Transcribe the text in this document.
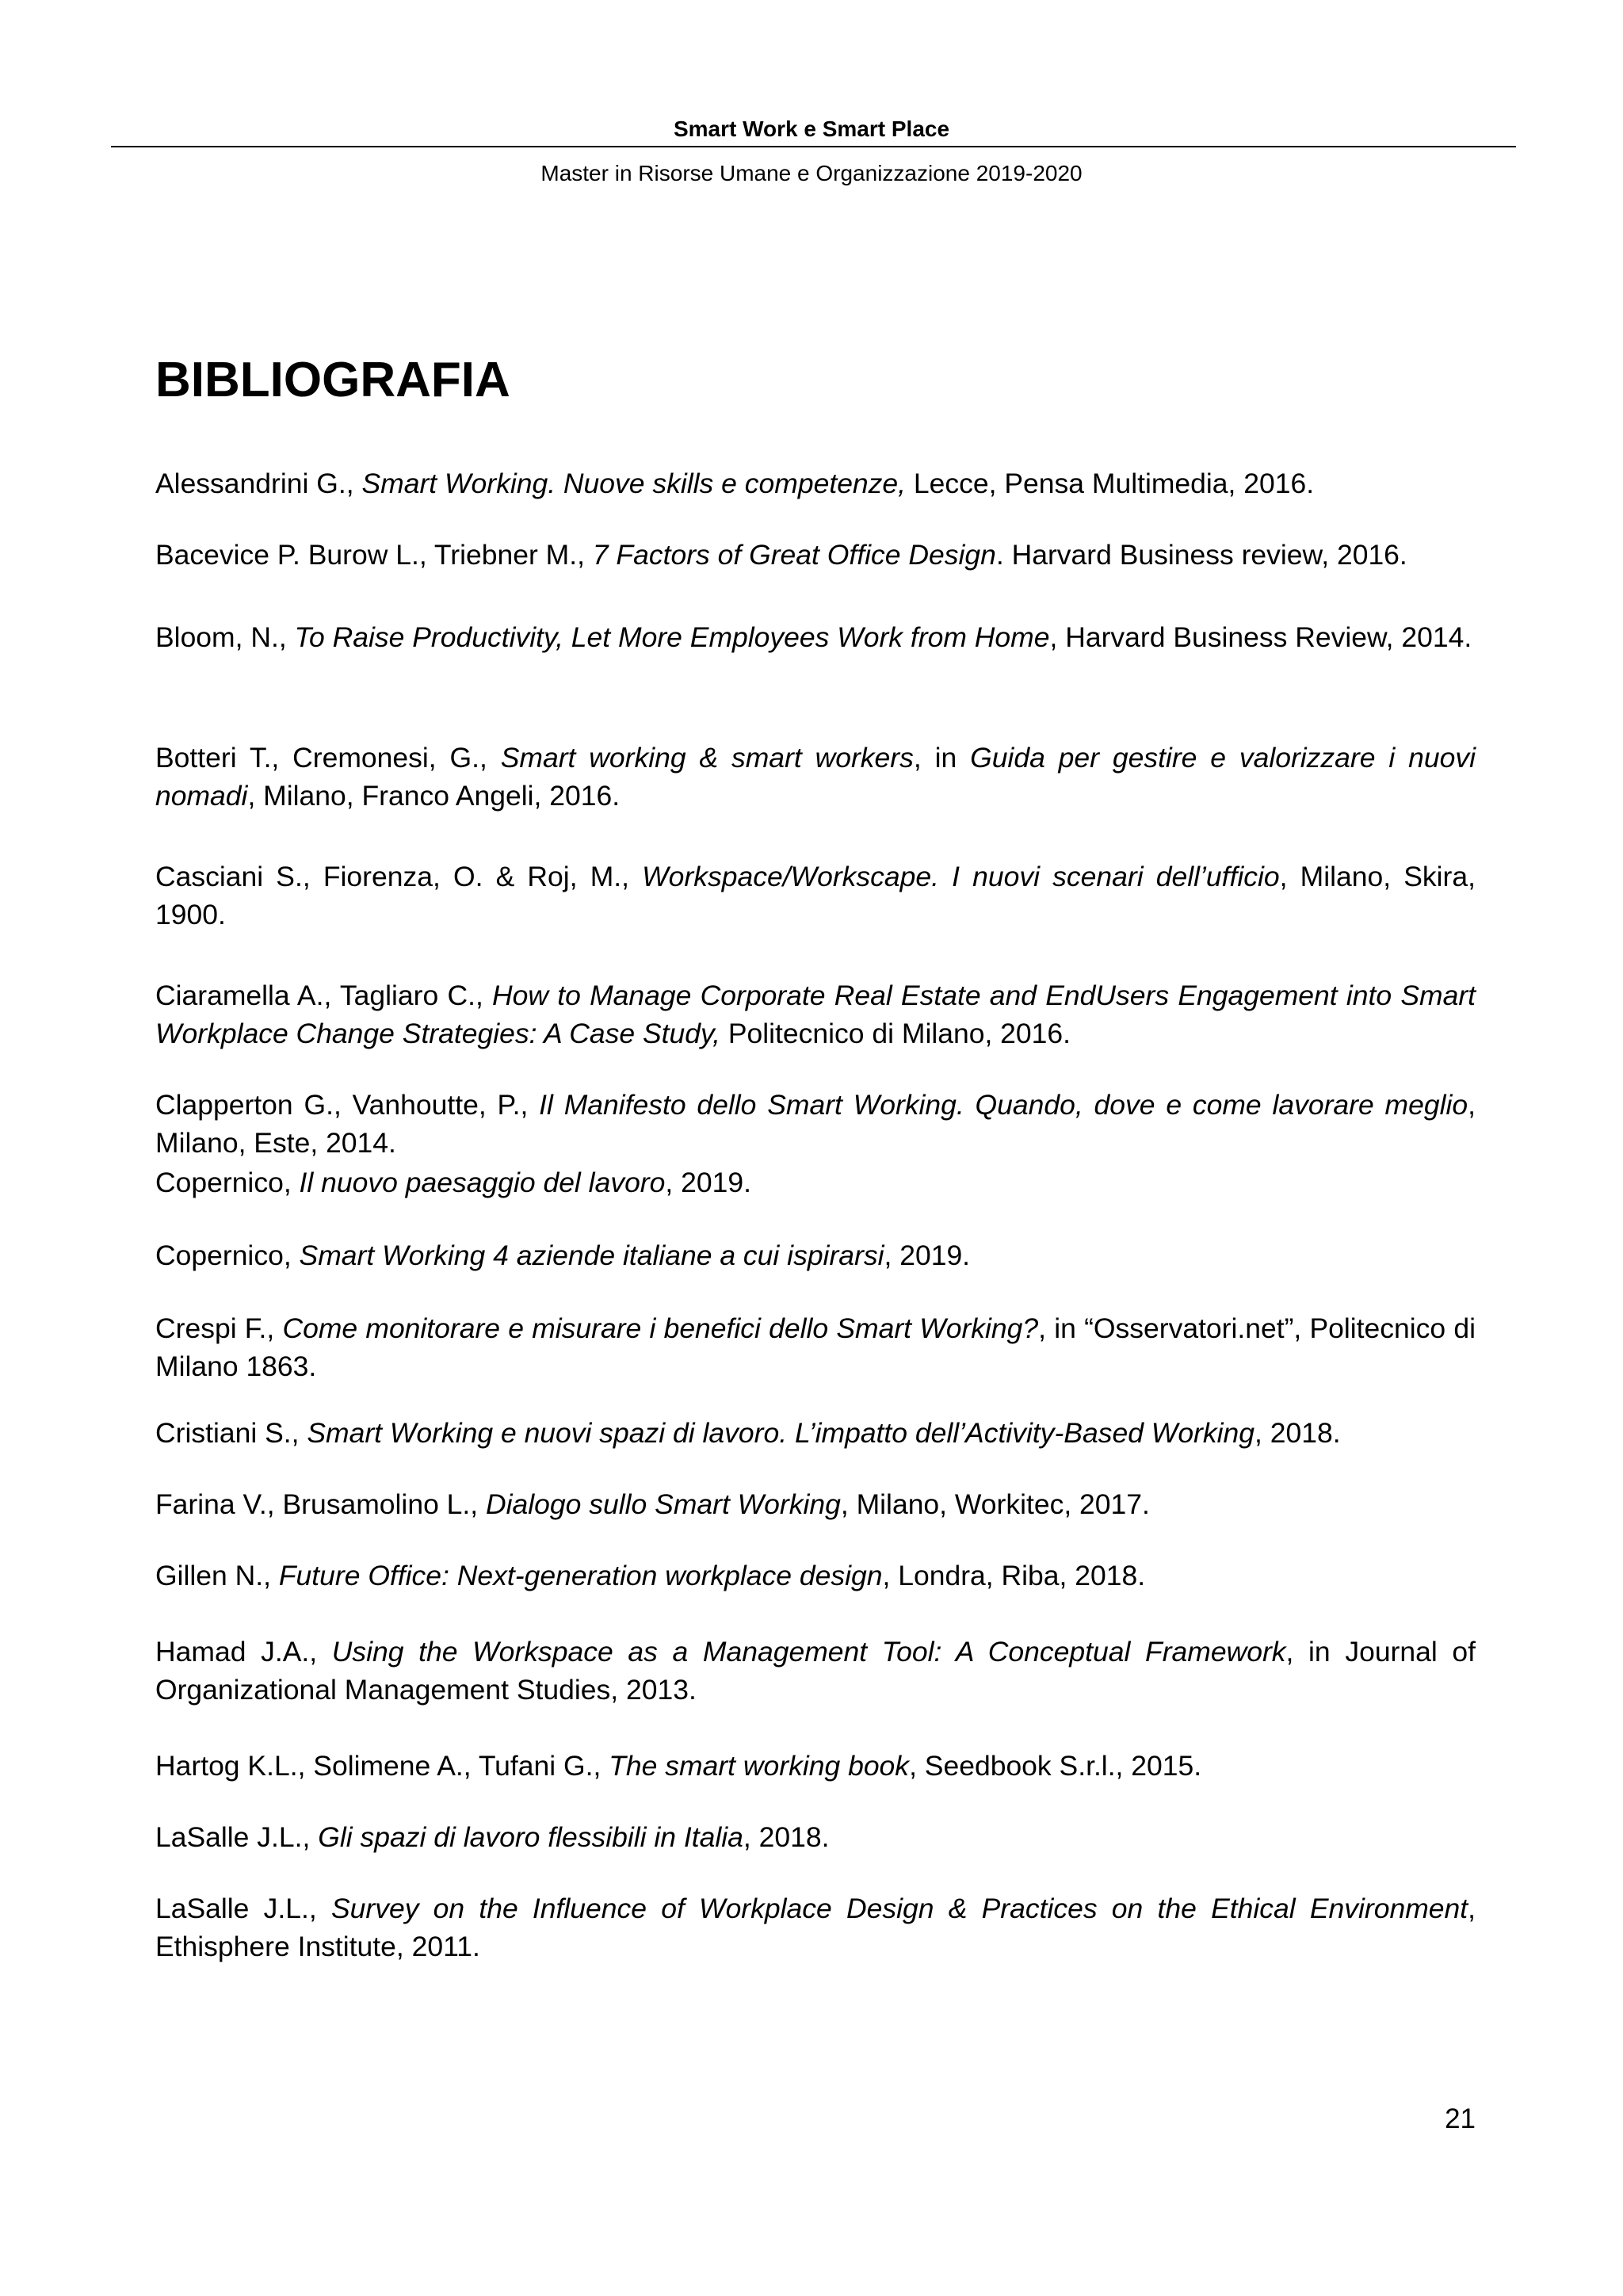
Smart Work e Smart Place
Master in Risorse Umane e Organizzazione 2019-2020
BIBLIOGRAFIA
Alessandrini G., Smart Working. Nuove skills e competenze, Lecce, Pensa Multimedia, 2016.
Bacevice P. Burow L., Triebner M., 7 Factors of Great Office Design. Harvard Business review, 2016.
Bloom, N., To Raise Productivity, Let More Employees Work from Home, Harvard Business Review, 2014.
Botteri T., Cremonesi, G., Smart working & smart workers, in Guida per gestire e valorizzare i nuovi nomadi, Milano, Franco Angeli, 2016.
Casciani S., Fiorenza, O. & Roj, M., Workspace/Workscape. I nuovi scenari dell’ufficio, Milano, Skira, 1900.
Ciaramella A., Tagliaro C., How to Manage Corporate Real Estate and EndUsers Engagement into Smart Workplace Change Strategies: A Case Study, Politecnico di Milano, 2016.
Clapperton G., Vanhoutte, P., Il Manifesto dello Smart Working. Quando, dove e come lavorare meglio, Milano, Este, 2014.
Copernico, Il nuovo paesaggio del lavoro, 2019.
Copernico, Smart Working 4 aziende italiane a cui ispirarsi, 2019.
Crespi F., Come monitorare e misurare i benefici dello Smart Working?, in “Osservatori.net”, Politecnico di Milano 1863.
Cristiani S., Smart Working e nuovi spazi di lavoro. L’impatto dell’Activity-Based Working, 2018.
Farina V., Brusamolino L., Dialogo sullo Smart Working, Milano, Workitec, 2017.
Gillen N., Future Office: Next-generation workplace design, Londra, Riba, 2018.
Hamad J.A., Using the Workspace as a Management Tool: A Conceptual Framework, in Journal of Organizational Management Studies, 2013.
Hartog K.L., Solimene A., Tufani G., The smart working book, Seedbook S.r.l., 2015.
LaSalle J.L., Gli spazi di lavoro flessibili in Italia, 2018.
LaSalle J.L., Survey on the Influence of Workplace Design & Practices on the Ethical Environment, Ethisphere Institute, 2011.
21
